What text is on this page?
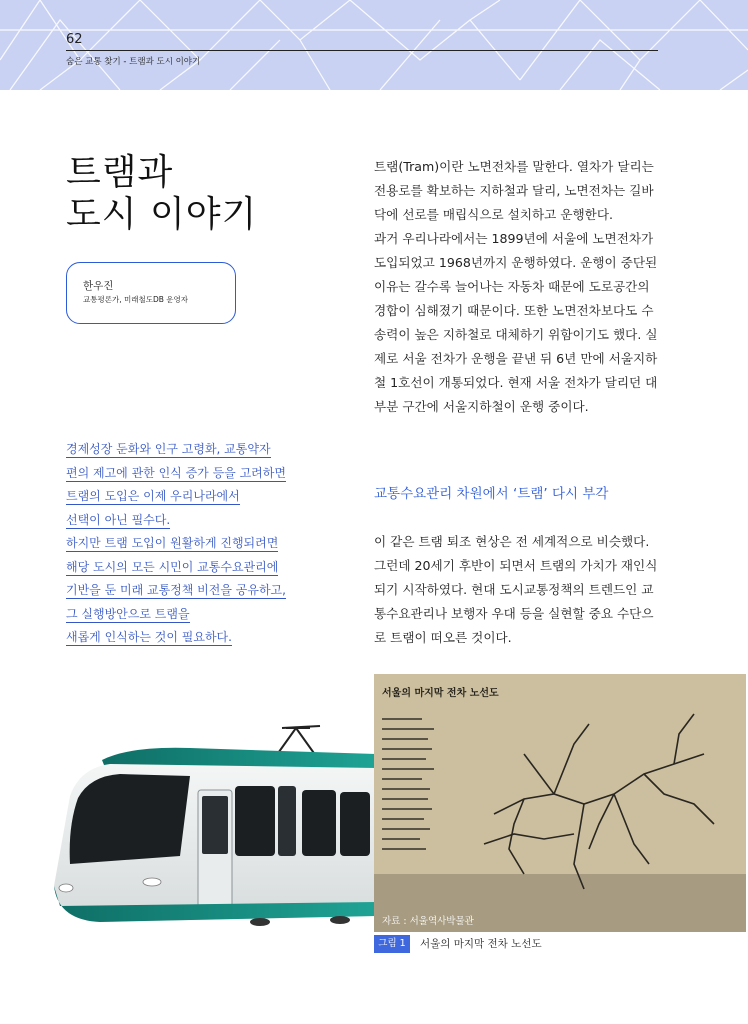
62
숨은 교통 찾기 - 트램과 도시 이야기
트램과
도시 이야기
한우진
교통평론가, 미래철도DB 운영자
경제성장 둔화와 인구 고령화, 교통약자
편의 제고에 관한 인식 증가 등을 고려하면
트램의 도입은 이제 우리나라에서
선택이 아닌 필수다.
하지만 트램 도입이 원활하게 진행되려면
해당 도시의 모든 시민이 교통수요관리에
기반을 둔 미래 교통정책 비전을 공유하고,
그 실행방안으로 트램을
새롭게 인식하는 것이 필요하다.

트램(Tram)이란 노면전차를 말한다. 열차가 달리는 전용로를 확보하는 지하철과 달리, 노면전차는 길바닥에 선로를 매립식으로 설치하고 운행한다.

과거 우리나라에서는 1899년에 서울에 노면전차가 도입되었고 1968년까지 운행하였다. 운행이 중단된 이유는 갈수록 늘어나는 자동차 때문에 도로공간의 경합이 심해졌기 때문이다. 또한 노면전차보다도 수송력이 높은 지하철로 대체하기 위함이기도 했다. 실제로 서울 전차가 운행을 끝낸 뒤 6년 만에 서울지하철 1호선이 개통되었다. 현재 서울 전차가 달리던 대부분 구간에 서울지하철이 운행 중이다.

교통수요관리 차원에서 ‘트램’ 다시 부각

이 같은 트램 퇴조 현상은 전 세계적으로 비슷했다. 그런데 20세기 후반이 되면서 트램의 가치가 재인식되기 시작하였다. 현대 도시교통정책의 트렌드인 교통수요관리나 보행자 우대 등을 실현할 중요 수단으로 트램이 떠오른 것이다.

서울의 마지막 전차 노선도
자료 : 서울역사박물관
그림 1	서울의 마지막 전차 노선도
